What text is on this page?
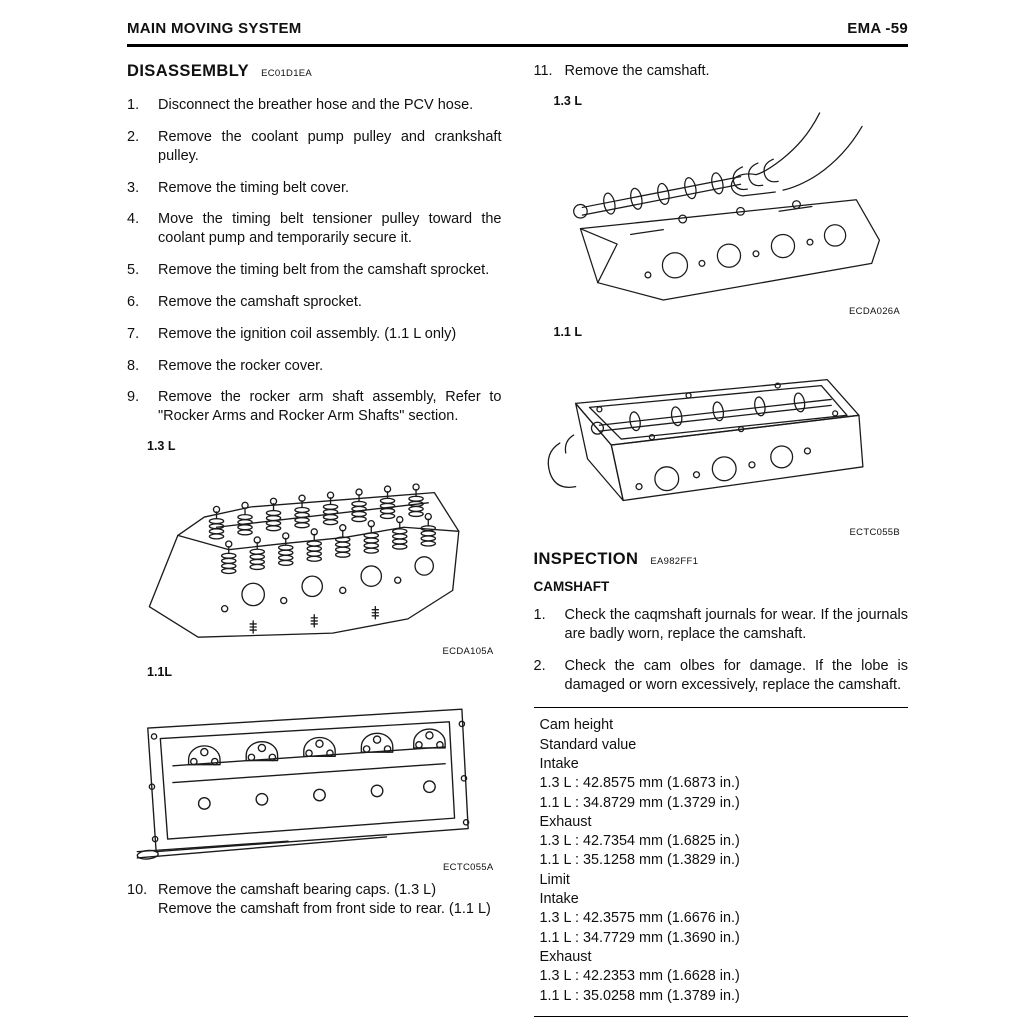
MAIN MOVING SYSTEM	EMA -59
DISASSEMBLY EC01D1EA
1.	Disconnect the breather hose and the PCV hose.
2.	Remove the coolant pump pulley and crankshaft pulley.
3.	Remove the timing belt cover.
4.	Move the timing belt tensioner pulley toward the coolant pump and temporarily secure it.
5.	Remove the timing belt from the camshaft sprocket.
6.	Remove the camshaft sprocket.
7.	Remove the ignition coil assembly. (1.1 L only)
8.	Remove the rocker cover.
9.	Remove the rocker arm shaft assembly, Refer to "Rocker Arms and Rocker Arm Shafts" section.
1.3 L
ECDA105A
1.1L
ECTC055A
10. Remove the camshaft bearing caps. (1.3 L)
Remove the camshaft from front side to rear. (1.1 L)
11. Remove the camshaft.
1.3 L
ECDA026A
1.1 L
ECTC055B
INSPECTION EA982FF1
CAMSHAFT
1.	Check the caqmshaft journals for wear. If the journals are badly worn, replace the camshaft.
2.	Check the cam olbes for damage. If the lobe is damaged or worn excessively, replace the camshaft.
Cam height
Standard value
Intake
1.3 L : 42.8575 mm (1.6873 in.)
1.1 L : 34.8729 mm (1.3729 in.)
Exhaust
1.3 L : 42.7354 mm (1.6825 in.)
1.1 L : 35.1258 mm (1.3829 in.)
Limit
Intake
1.3 L : 42.3575 mm (1.6676 in.)
1.1 L : 34.7729 mm (1.3690 in.)
Exhaust
1.3 L : 42.2353 mm (1.6628 in.)
1.1 L : 35.0258 mm (1.3789 in.)
